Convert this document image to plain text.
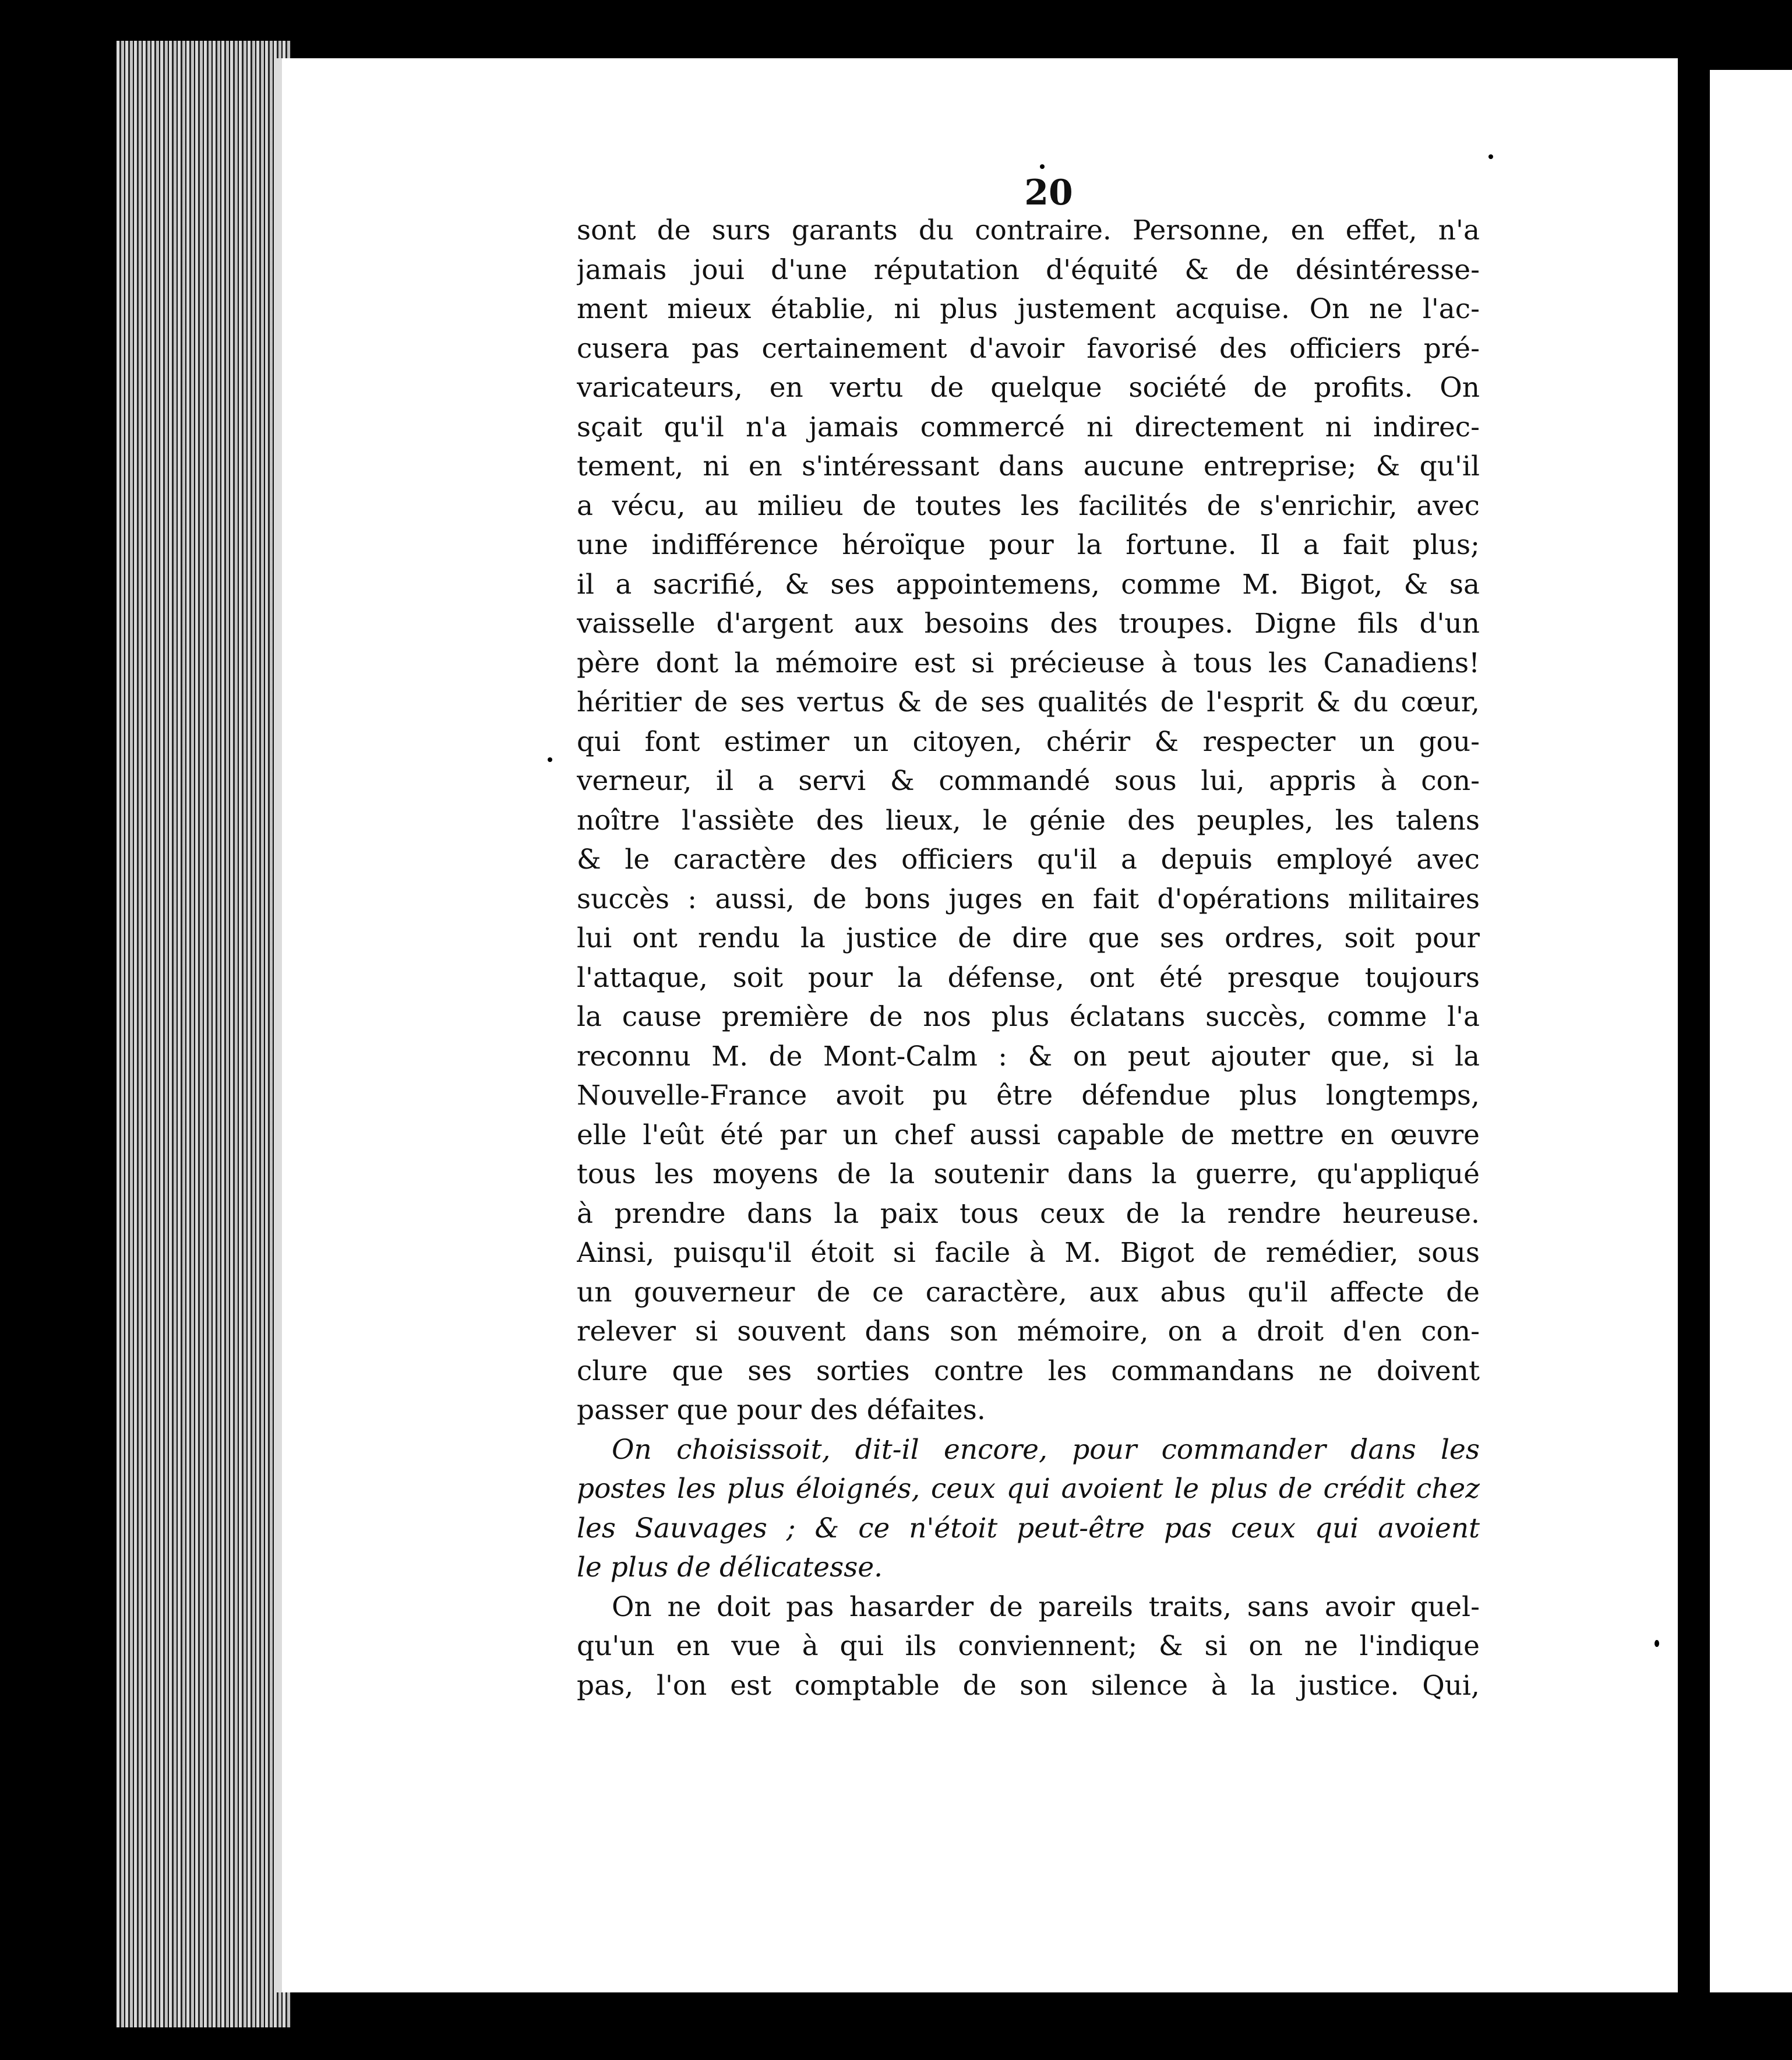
20
sont de surs garants du contraire. Personne, en effet, n'a
jamais joui d'une réputation d'équité & de désintéresse-
ment mieux établie, ni plus justement acquise. On ne l'ac-
cusera pas certainement d'avoir favorisé des officiers pré-
varicateurs, en vertu de quelque société de profits. On
sçait qu'il n'a jamais commercé ni directement ni indirec-
tement, ni en s'intéressant dans aucune entreprise; & qu'il
a vécu, au milieu de toutes les facilités de s'enrichir, avec
une indifférence héroïque pour la fortune. Il a fait plus;
il a sacrifié, & ses appointemens, comme M. Bigot, & sa
vaisselle d'argent aux besoins des troupes. Digne fils d'un
père dont la mémoire est si précieuse à tous les Canadiens!
héritier de ses vertus & de ses qualités de l'esprit & du cœur,
qui font estimer un citoyen, chérir & respecter un gou-
verneur, il a servi & commandé sous lui, appris à con-
noître l'assiète des lieux, le génie des peuples, les talens
& le caractère des officiers qu'il a depuis employé avec
succès : aussi, de bons juges en fait d'opérations militaires
lui ont rendu la justice de dire que ses ordres, soit pour
l'attaque, soit pour la défense, ont été presque toujours
la cause première de nos plus éclatans succès, comme l'a
reconnu M. de Mont-Calm : & on peut ajouter que, si la
Nouvelle-France avoit pu être défendue plus longtemps,
elle l'eût été par un chef aussi capable de mettre en œuvre
tous les moyens de la soutenir dans la guerre, qu'appliqué
à prendre dans la paix tous ceux de la rendre heureuse.
Ainsi, puisqu'il étoit si facile à M. Bigot de remédier, sous
un gouverneur de ce caractère, aux abus qu'il affecte de
relever si souvent dans son mémoire, on a droit d'en con-
clure que ses sorties contre les commandans ne doivent
passer que pour des défaites.
On choisissoit, dit-il encore, pour commander dans les
postes les plus éloignés, ceux qui avoient le plus de crédit chez
les Sauvages ; & ce n'étoit peut-être pas ceux qui avoient
le plus de délicatesse.
On ne doit pas hasarder de pareils traits, sans avoir quel-
qu'un en vue à qui ils conviennent; & si on ne l'indique
pas, l'on est comptable de son silence à la justice. Qui,
